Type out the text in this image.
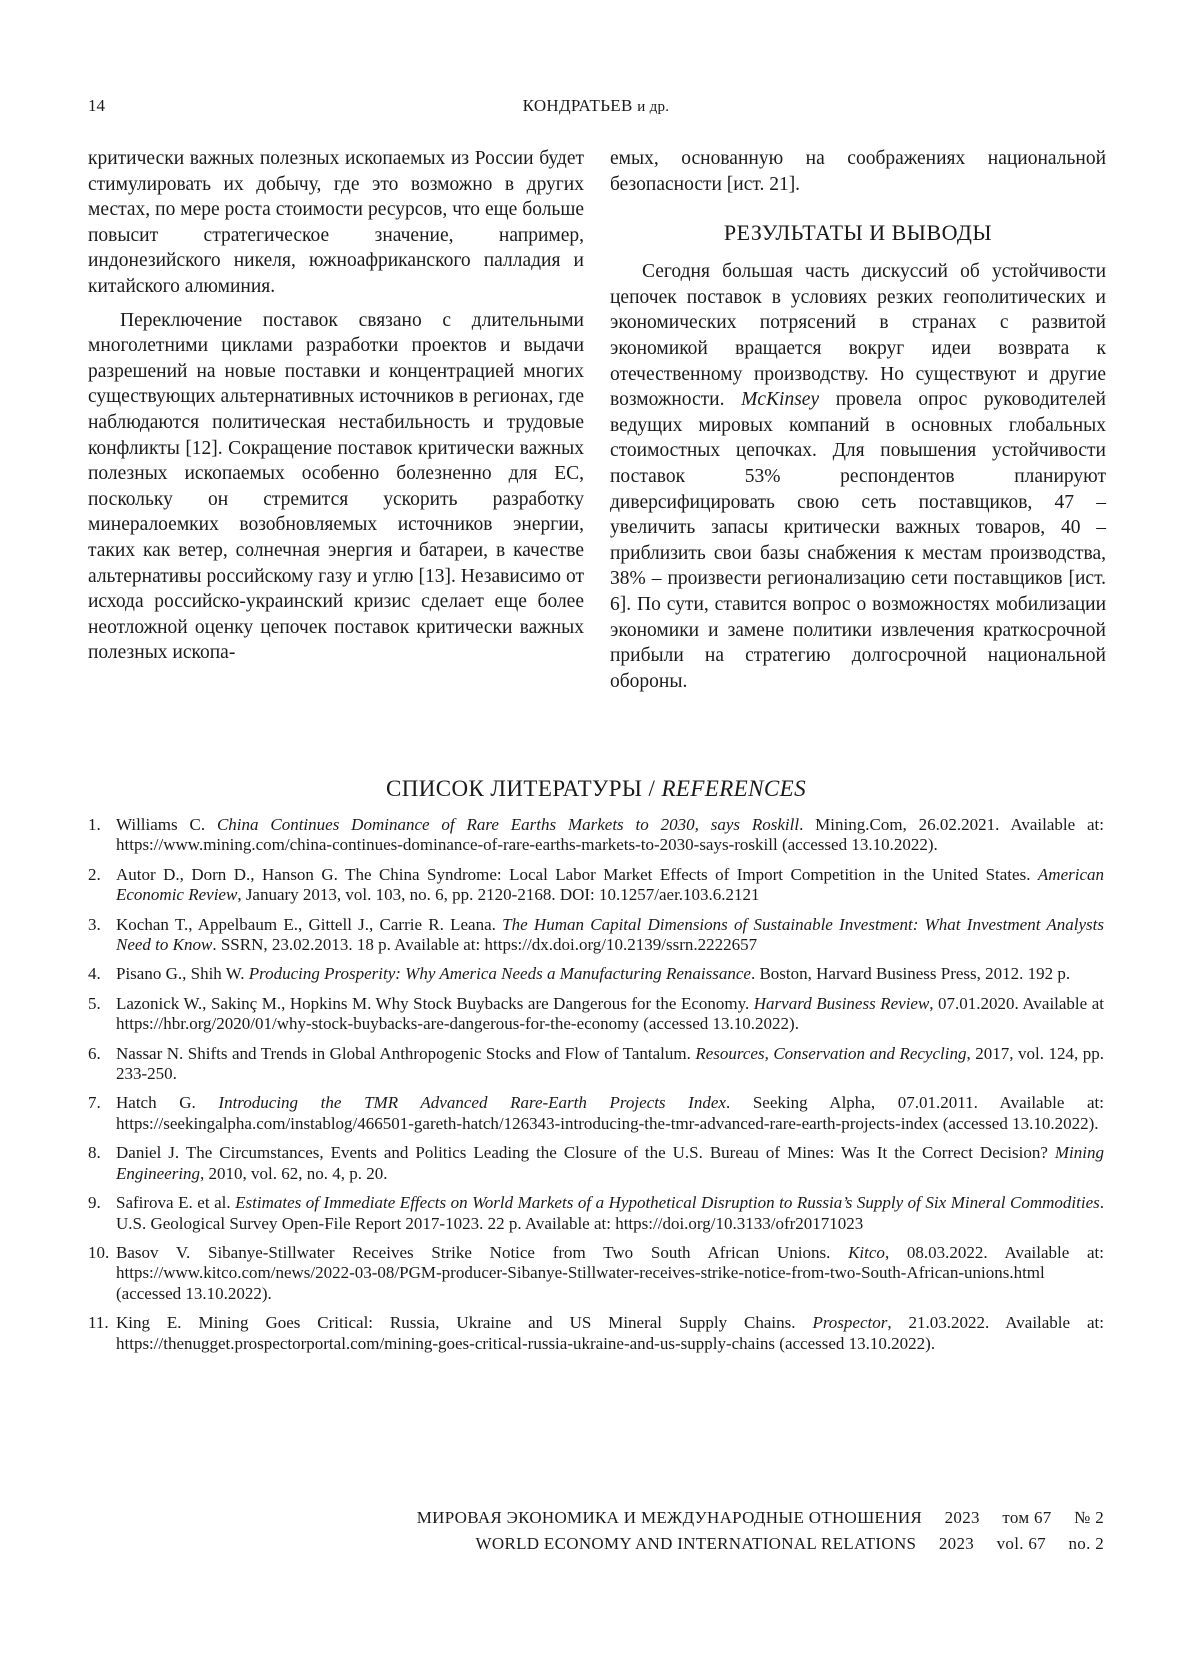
14	КОНДРАТЬЕВ и др.

критически важных полезных ископаемых из России будет стимулировать их добычу, где это возможно в других местах, по мере роста стоимости ресурсов, что еще больше повысит стратегическое значение, например, индонезийского никеля, южноафриканского палладия и китайского алюминия.

Переключение поставок связано с длительными многолетними циклами разработки проектов и выдачи разрешений на новые поставки и концентрацией многих существующих альтернативных источников в регионах, где наблюдаются политическая нестабильность и трудовые конфликты [12]. Сокращение поставок критически важных полезных ископаемых особенно болезненно для ЕС, поскольку он стремится ускорить разработку минералоемких возобновляемых источников энергии, таких как ветер, солнечная энергия и батареи, в качестве альтернативы российскому газу и углю [13]. Независимо от исхода российско-украинский кризис сделает еще более неотложной оценку цепочек поставок критически важных полезных ископа-

емых, основанную на соображениях национальной безопасности [ист. 21].

РЕЗУЛЬТАТЫ И ВЫВОДЫ

Сегодня большая часть дискуссий об устойчивости цепочек поставок в условиях резких геополитических и экономических потрясений в странах с развитой экономикой вращается вокруг идеи возврата к отечественному производству. Но существуют и другие возможности. McKinsey провела опрос руководителей ведущих мировых компаний в основных глобальных стоимостных цепочках. Для повышения устойчивости поставок 53% респондентов планируют диверсифицировать свою сеть поставщиков, 47 – увеличить запасы критически важных товаров, 40 – приблизить свои базы снабжения к местам производства, 38% – произвести регионализацию сети поставщиков [ист. 6]. По сути, ставится вопрос о возможностях мобилизации экономики и замене политики извлечения краткосрочной прибыли на стратегию долгосрочной национальной обороны.

СПИСОК ЛИТЕРАТУРЫ / REFERENCES
1. Williams C. China Continues Dominance of Rare Earths Markets to 2030, says Roskill. Mining.Com, 26.02.2021. Available at: https://www.mining.com/china-continues-dominance-of-rare-earths-markets-to-2030-says-roskill (accessed 13.10.2022).
2. Autor D., Dorn D., Hanson G. The China Syndrome: Local Labor Market Effects of Import Competition in the United States. American Economic Review, January 2013, vol. 103, no. 6, pp. 2120-2168. DOI: 10.1257/aer.103.6.2121
3. Kochan T., Appelbaum E., Gittell J., Carrie R. Leana. The Human Capital Dimensions of Sustainable Investment: What Investment Analysts Need to Know. SSRN, 23.02.2013. 18 p. Available at: https://dx.doi.org/10.2139/ssrn.2222657
4. Pisano G., Shih W. Producing Prosperity: Why America Needs a Manufacturing Renaissance. Boston, Harvard Business Press, 2012. 192 p.
5. Lazonick W., Sakinç M., Hopkins M. Why Stock Buybacks are Dangerous for the Economy. Harvard Business Review, 07.01.2020. Available at https://hbr.org/2020/01/why-stock-buybacks-are-dangerous-for-the-economy (accessed 13.10.2022).
6. Nassar N. Shifts and Trends in Global Anthropogenic Stocks and Flow of Tantalum. Resources, Conservation and Recycling, 2017, vol. 124, pp. 233-250.
7. Hatch G. Introducing the TMR Advanced Rare-Earth Projects Index. Seeking Alpha, 07.01.2011. Available at: https://seekingalpha.com/instablog/466501-gareth-hatch/126343-introducing-the-tmr-advanced-rare-earth-projects-index (accessed 13.10.2022).
8. Daniel J. The Circumstances, Events and Politics Leading the Closure of the U.S. Bureau of Mines: Was It the Correct Decision? Mining Engineering, 2010, vol. 62, no. 4, p. 20.
9. Safirova E. et al. Estimates of Immediate Effects on World Markets of a Hypothetical Disruption to Russia’s Supply of Six Mineral Commodities. U.S. Geological Survey Open-File Report 2017-1023. 22 p. Available at: https://doi.org/10.3133/ofr20171023
10. Basov V. Sibanye-Stillwater Receives Strike Notice from Two South African Unions. Kitco, 08.03.2022. Available at: https://www.kitco.com/news/2022-03-08/PGM-producer-Sibanye-Stillwater-receives-strike-notice-from-two-South-African-unions.html (accessed 13.10.2022).
11. King E. Mining Goes Critical: Russia, Ukraine and US Mineral Supply Chains. Prospector, 21.03.2022. Available at: https://thenugget.prospectorportal.com/mining-goes-critical-russia-ukraine-and-us-supply-chains (accessed 13.10.2022).
МИРОВАЯ ЭКОНОМИКА И МЕЖДУНАРОДНЫЕ ОТНОШЕНИЯ 2023 том 67 № 2
WORLD ECONOMY AND INTERNATIONAL RELATIONS 2023 vol. 67 no. 2
